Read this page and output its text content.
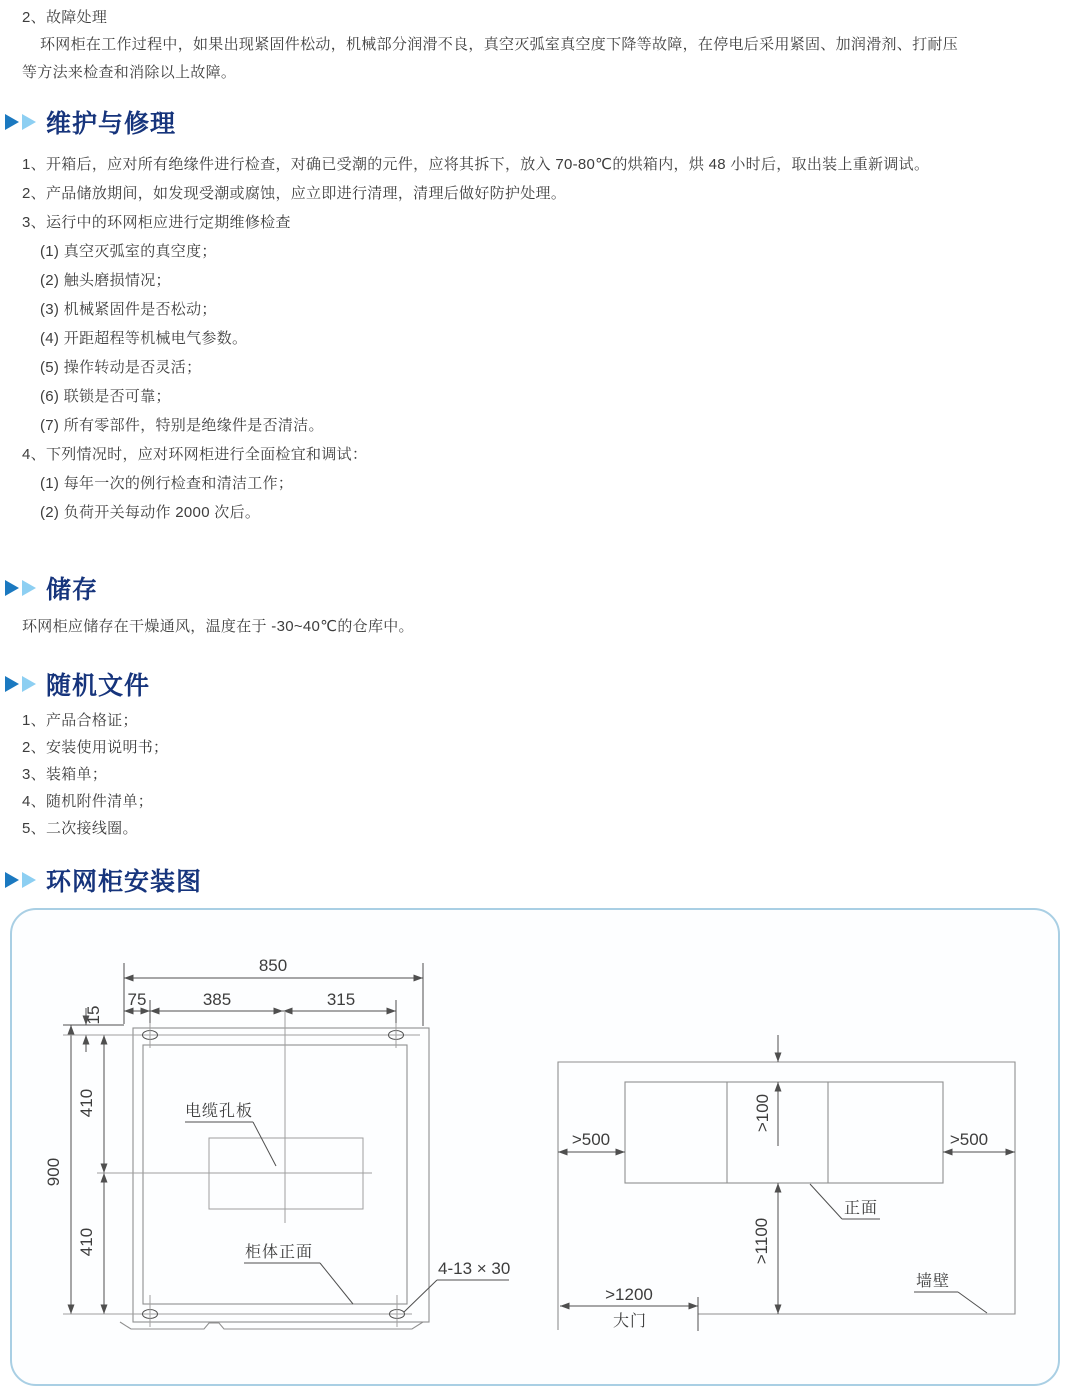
2、故障处理
环网柜在工作过程中，如果出现紧固件松动，机械部分润滑不良，真空灭弧室真空度下降等故障，在停电后采用紧固、加润滑剂、打耐压
等方法来检查和消除以上故障。
维护与修理
1、开箱后，应对所有绝缘件进行检查，对确已受潮的元件，应将其拆下，放入 70-80℃的烘箱内，烘 48 小时后，取出装上重新调试。
2、产品储放期间，如发现受潮或腐蚀，应立即进行清理，清理后做好防护处理。
3、运行中的环网柜应进行定期维修检查
(1) 真空灭弧室的真空度；
(2) 触头磨损情况；
(3) 机械紧固件是否松动；
(4) 开距超程等机械电气参数。
(5) 操作转动是否灵活；
(6) 联锁是否可靠；
(7) 所有零部件，特别是绝缘件是否清洁。
4、下列情况时，应对环网柜进行全面检宜和调试：
(1) 每年一次的例行检查和清洁工作；
(2) 负荷开关每动作 2000 次后。
储存
环网柜应储存在干燥通风，温度在于 -30~40℃的仓库中。
随机文件
1、产品合格证；
2、安装使用说明书；
3、装箱单；
4、随机附件清单；
5、二次接线圈。
环网柜安装图
850
75	385	315
15
900
410
410
电缆孔板
柜体正面
4-13 × 30
>100
>500	>500
正面
>1100
墙壁
>1200
大门
